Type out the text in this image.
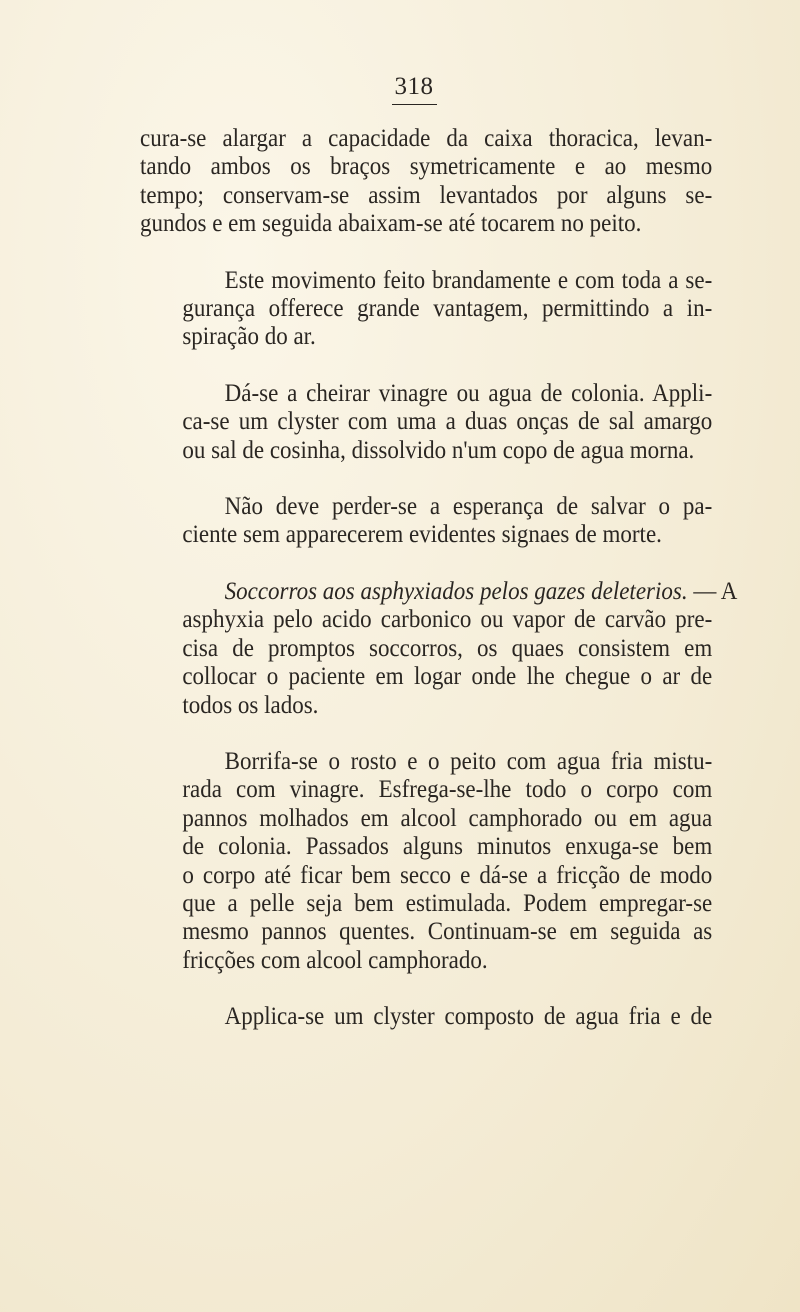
318
cura-se alargar a capacidade da caixa thoracica, levan-
tando ambos os braços symetricamente e ao mesmo
tempo; conservam-se assim levantados por alguns se-
gundos e em seguida abaixam-se até tocarem no peito.
Este movimento feito brandamente e com toda a se-
gurança offerece grande vantagem, permittindo a in-
spiração do ar.
Dá-se a cheirar vinagre ou agua de colonia. Appli-
ca-se um clyster com uma a duas onças de sal amargo
ou sal de cosinha, dissolvido n'um copo de agua morna.
Não deve perder-se a esperança de salvar o pa-
ciente sem apparecerem evidentes signaes de morte.
Soccorros aos asphyxiados pelos gazes deleterios. — A
asphyxia pelo acido carbonico ou vapor de carvão pre-
cisa de promptos soccorros, os quaes consistem em
collocar o paciente em logar onde lhe chegue o ar de
todos os lados.
Borrifa-se o rosto e o peito com agua fria mistu-
rada com vinagre. Esfrega-se-lhe todo o corpo com
pannos molhados em alcool camphorado ou em agua
de colonia. Passados alguns minutos enxuga-se bem
o corpo até ficar bem secco e dá-se a fricção de modo
que a pelle seja bem estimulada. Podem empregar-se
mesmo pannos quentes. Continuam-se em seguida as
fricções com alcool camphorado.
Applica-se um clyster composto de agua fria e de
